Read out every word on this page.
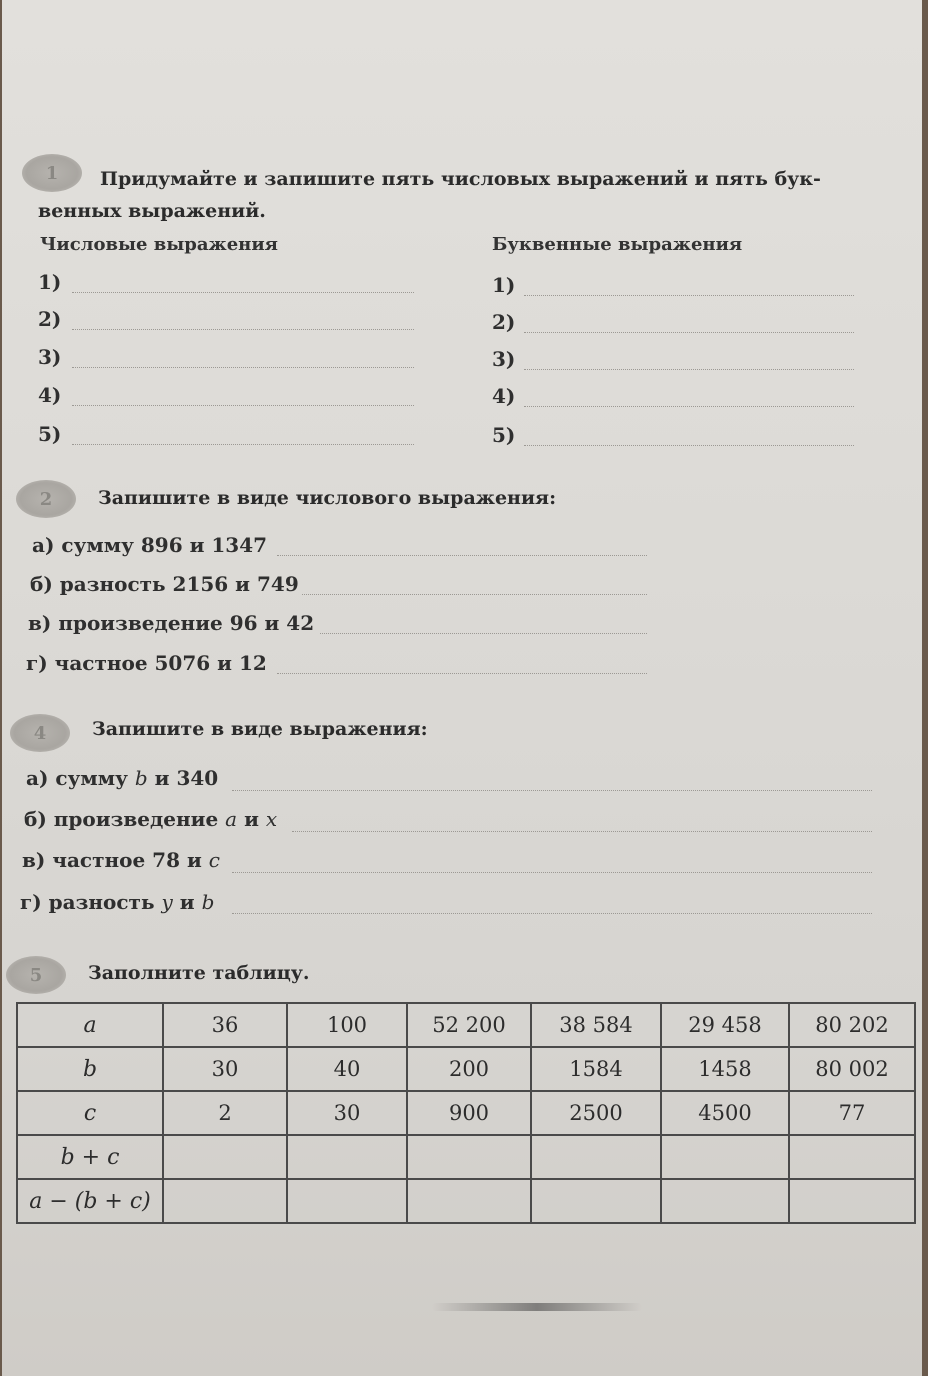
1	Придумайте и запишите пять числовых выражений и пять бук-
венных выражений.
Числовые выражения	Буквенные выражения
1)
2)
3)
4)
5)
1)
2)
3)
4)
5)
2	Запишите в виде числового выражения:
а) сумму 896 и 1347
б) разность 2156 и 749
в) произведение 96 и 42
г) частное 5076 и 12
4	Запишите в виде выражения:
а) сумму b и 340
б) произведение a и x
в) частное 78 и c
г) разность y и b
5	Заполните таблицу.
a	36	100	52 200	38 584	29 458	80 202
b	30	40	200	1584	1458	80 002
c	2	30	900	2500	4500	77
b + c						
a − (b + c)						
